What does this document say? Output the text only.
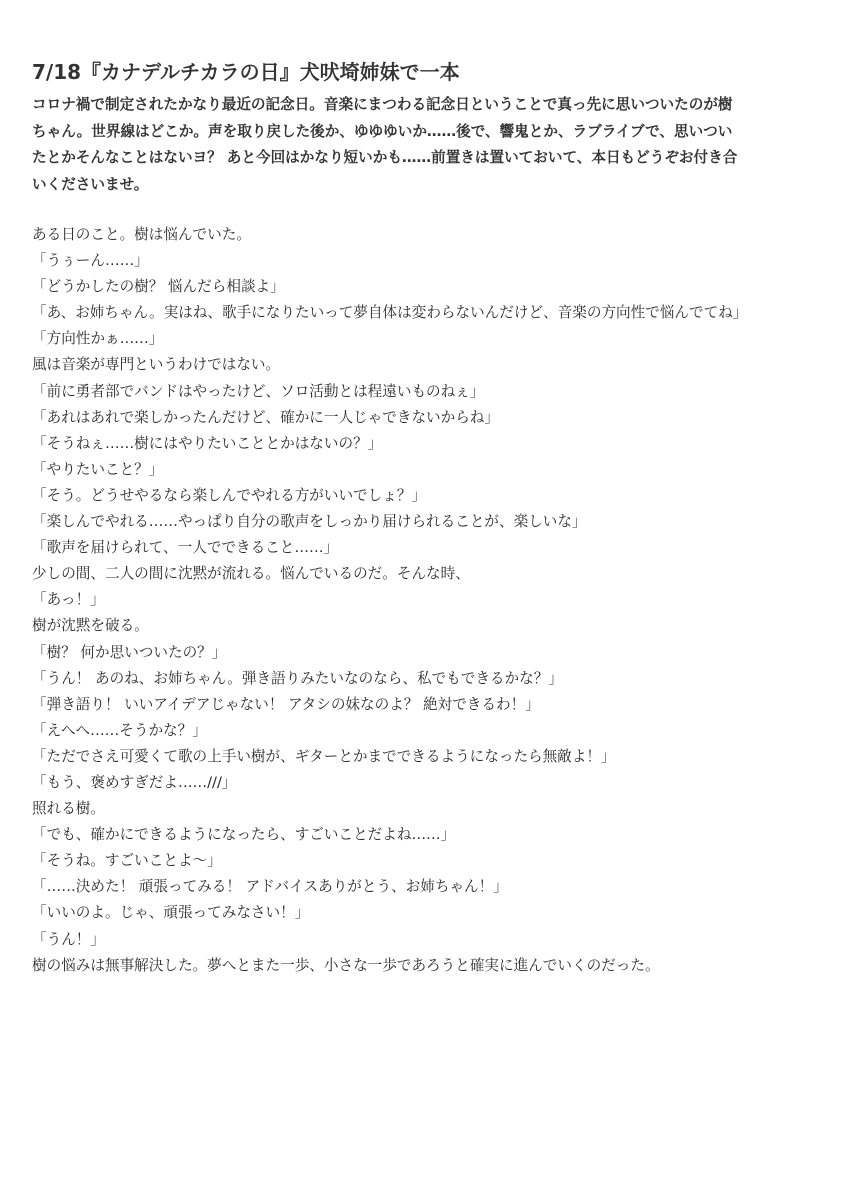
7/18『カナデルチカラの日』犬吠埼姉妹で一本
コロナ禍で制定されたかなり最近の記念日。音楽にまつわる記念日ということで真っ先に思いついたのが樹
ちゃん。世界線はどこか。声を取り戻した後か、ゆゆゆいか……後で、響鬼とか、ラブライブで、思いつい
たとかそんなことはないヨ？ あと今回はかなり短いかも……前置きは置いておいて、本日もどうぞお付き合
いくださいませ。
ある日のこと。樹は悩んでいた。
「うぅーん……」
「どうかしたの樹？ 悩んだら相談よ」
「あ、お姉ちゃん。実はね、歌手になりたいって夢自体は変わらないんだけど、音楽の方向性で悩んでてね」
「方向性かぁ……」
風は音楽が専門というわけではない。
「前に勇者部でバンドはやったけど、ソロ活動とは程遠いものねぇ」
「あれはあれで楽しかったんだけど、確かに一人じゃできないからね」
「そうねぇ……樹にはやりたいこととかはないの？」
「やりたいこと？」
「そう。どうせやるなら楽しんでやれる方がいいでしょ？」
「楽しんでやれる……やっぱり自分の歌声をしっかり届けられることが、楽しいな」
「歌声を届けられて、一人でできること……」
少しの間、二人の間に沈黙が流れる。悩んでいるのだ。そんな時、
「あっ！」
樹が沈黙を破る。
「樹？ 何か思いついたの？」
「うん！ あのね、お姉ちゃん。弾き語りみたいなのなら、私でもできるかな？」
「弾き語り！ いいアイデアじゃない！ アタシの妹なのよ？ 絶対できるわ！」
「えへへ……そうかな？」
「ただでさえ可愛くて歌の上手い樹が、ギターとかまでできるようになったら無敵よ！」
「もう、褒めすぎだよ……///」
照れる樹。
「でも、確かにできるようになったら、すごいことだよね……」
「そうね。すごいことよ～」
「……決めた！ 頑張ってみる！ アドバイスありがとう、お姉ちゃん！」
「いいのよ。じゃ、頑張ってみなさい！」
「うん！」
樹の悩みは無事解決した。夢へとまた一歩、小さな一歩であろうと確実に進んでいくのだった。
